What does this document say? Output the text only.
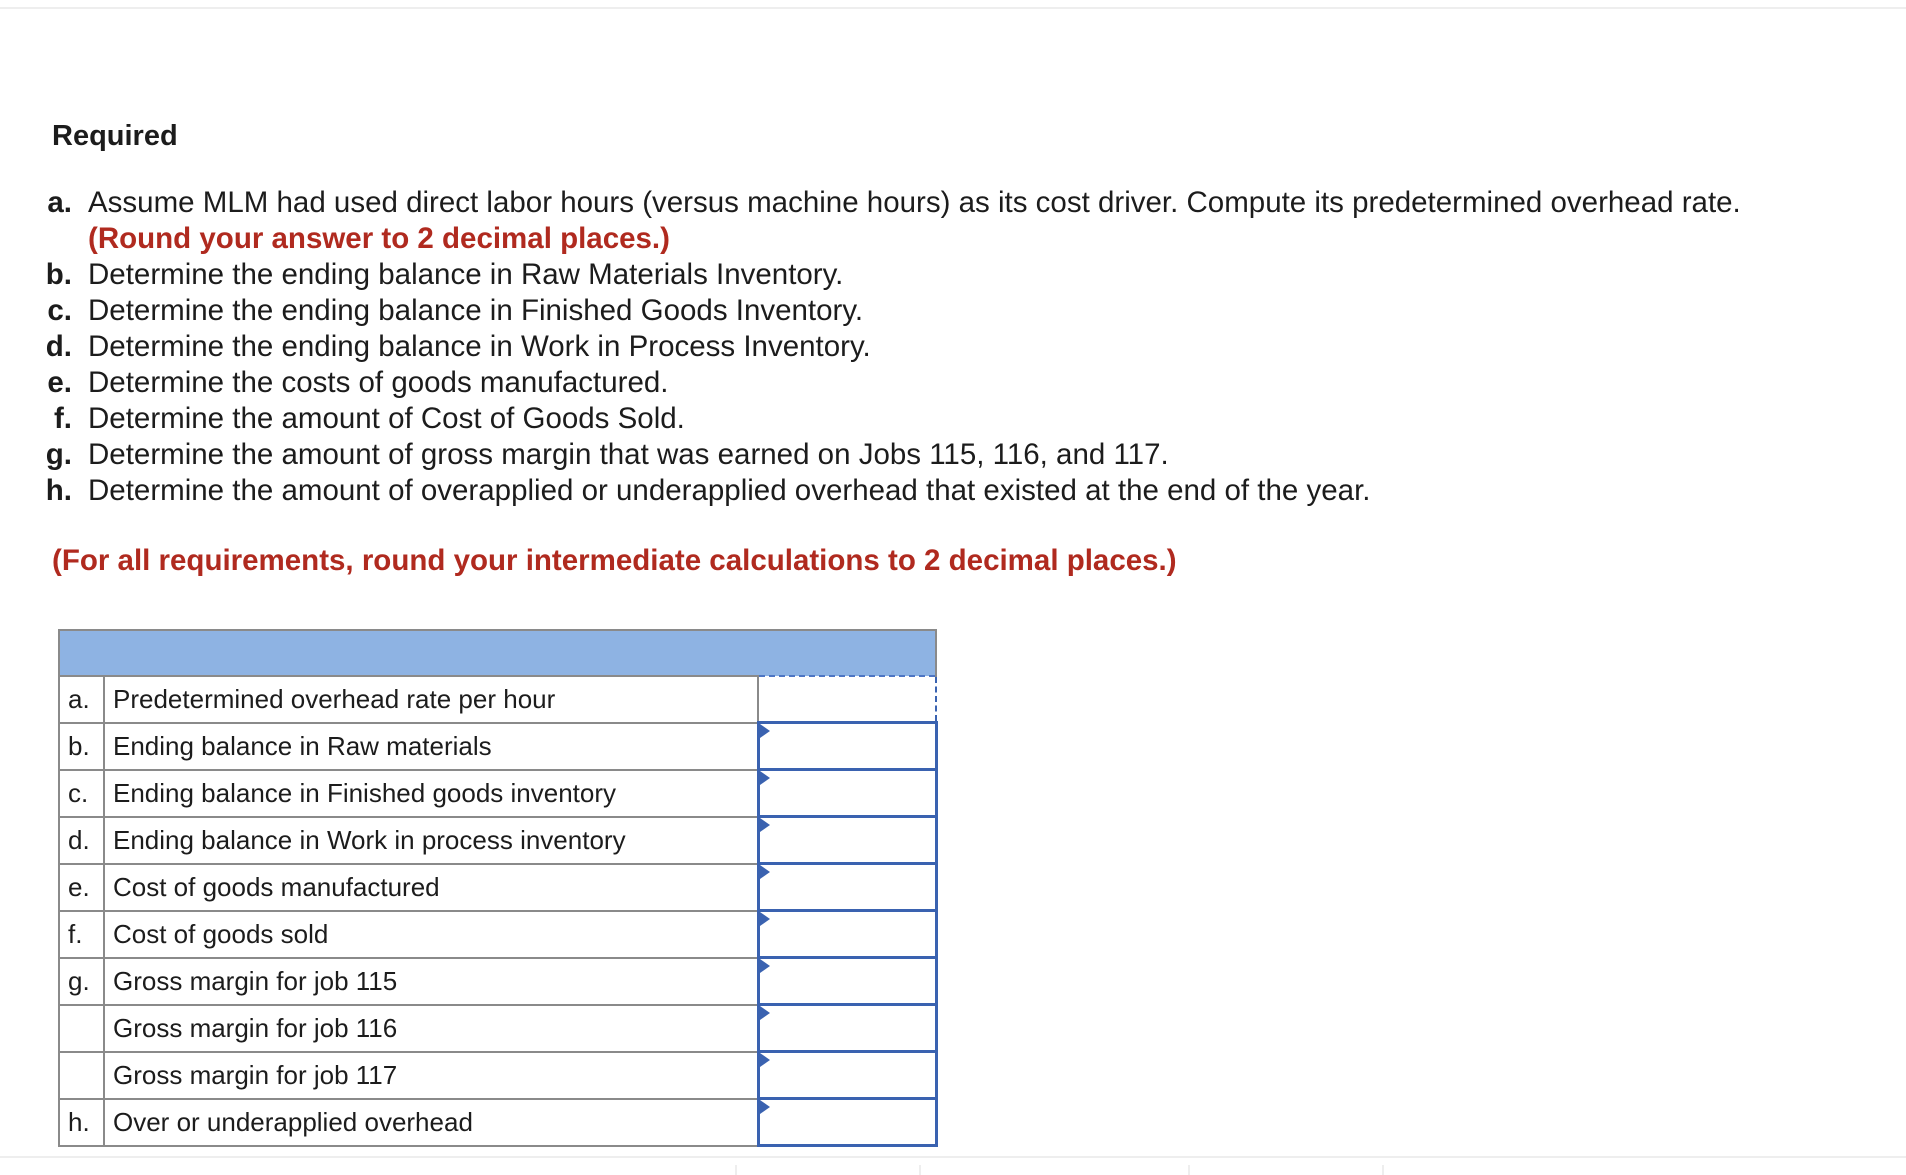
Required
a. Assume MLM had used direct labor hours (versus machine hours) as its cost driver. Compute its predetermined overhead rate.
(Round your answer to 2 decimal places.)
b. Determine the ending balance in Raw Materials Inventory.
c. Determine the ending balance in Finished Goods Inventory.
d. Determine the ending balance in Work in Process Inventory.
e. Determine the costs of goods manufactured.
f. Determine the amount of Cost of Goods Sold.
g. Determine the amount of gross margin that was earned on Jobs 115, 116, and 117.
h. Determine the amount of overapplied or underapplied overhead that existed at the end of the year.

(For all requirements, round your intermediate calculations to 2 decimal places.)

a.	Predetermined overhead rate per hour	
b.	Ending balance in Raw materials	

c.	Ending balance in Finished goods inventory	

d.	Ending balance in Work in process inventory	

e.	Cost of goods manufactured	

f.	Cost of goods sold	

g.	Gross margin for job 115	

	Gross margin for job 116	

	Gross margin for job 117	

h.	Over or underapplied overhead	
